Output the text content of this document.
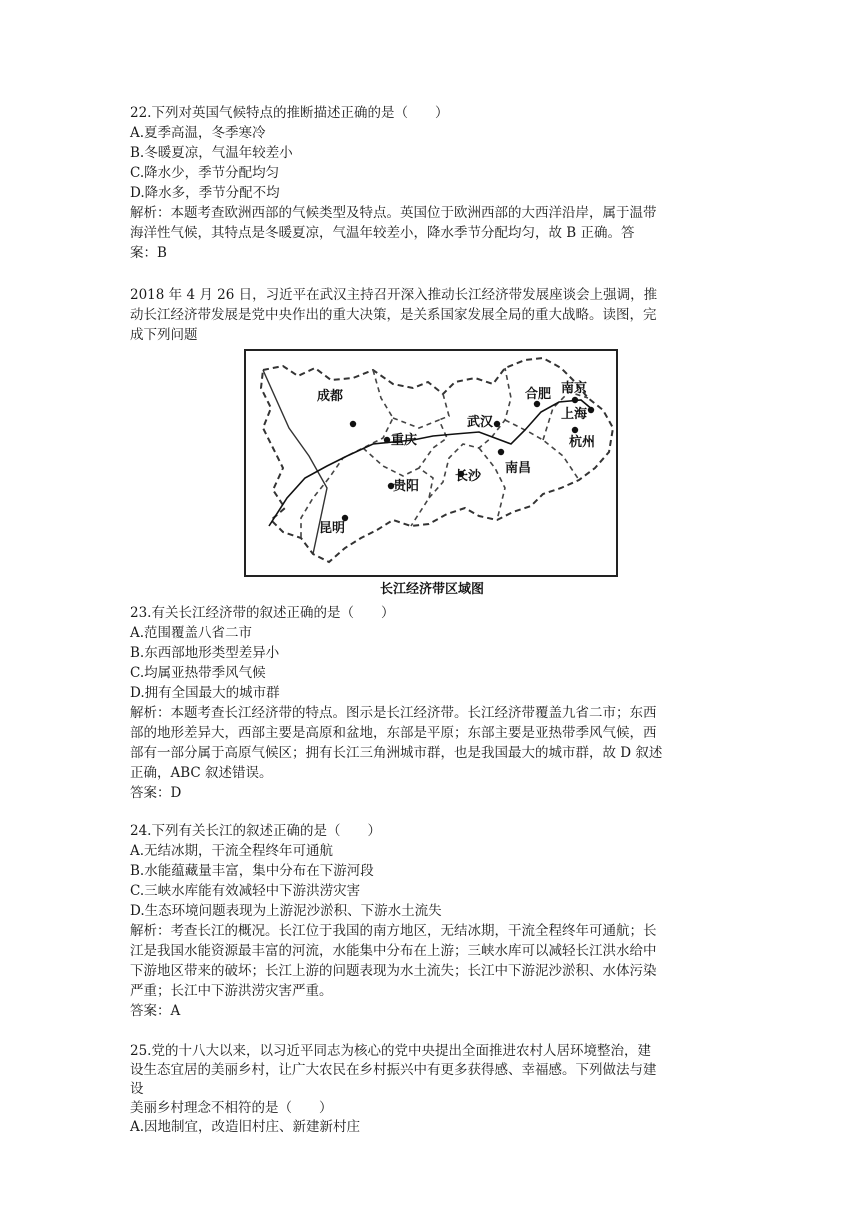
22.下列对英国气候特点的推断描述正确的是（　　）
A.夏季高温，冬季寒冷
B.冬暖夏凉，气温年较差小
C.降水少，季节分配均匀
D.降水多，季节分配不均
解析：本题考查欧洲西部的气候类型及特点。英国位于欧洲西部的大西洋沿岸，属于温带
海洋性气候，其特点是冬暖夏凉，气温年较差小，降水季节分配均匀，故 B 正确。答
案：B
2018 年 4 月 26 日，习近平在武汉主持召开深入推动长江经济带发展座谈会上强调，推
动长江经济带发展是党中央作出的重大决策，是关系国家发展全局的重大战略。读图，完
成下列问题
成都
重庆
贵阳
昆明
长沙
武汉
南昌
合肥 南京
上海
杭州
长江经济带区域图
23.有关长江经济带的叙述正确的是（　　）
A.范围覆盖八省二市
B.东西部地形类型差异小
C.均属亚热带季风气候
D.拥有全国最大的城市群
解析：本题考查长江经济带的特点。图示是长江经济带。长江经济带覆盖九省二市；东西
部的地形差异大，西部主要是高原和盆地，东部是平原；东部主要是亚热带季风气候，西
部有一部分属于高原气候区；拥有长江三角洲城市群，也是我国最大的城市群，故 D 叙述
正确，ABC 叙述错误。
答案：D
24.下列有关长江的叙述正确的是（　　）
A.无结冰期，干流全程终年可通航
B.水能蕴藏量丰富，集中分布在下游河段
C.三峡水库能有效减轻中下游洪涝灾害
D.生态环境问题表现为上游泥沙淤积、下游水土流失
解析：考查长江的概况。长江位于我国的南方地区，无结冰期，干流全程终年可通航；长
江是我国水能资源最丰富的河流，水能集中分布在上游；三峡水库可以减轻长江洪水给中
下游地区带来的破坏；长江上游的问题表现为水土流失；长江中下游泥沙淤积、水体污染
严重；长江中下游洪涝灾害严重。
答案：A
25.党的十八大以来，以习近平同志为核心的党中央提出全面推进农村人居环境整治，建
设生态宜居的美丽乡村，让广大农民在乡村振兴中有更多获得感、幸福感。下列做法与建
设
美丽乡村理念不相符的是（　　）
A.因地制宜，改造旧村庄、新建新村庄
